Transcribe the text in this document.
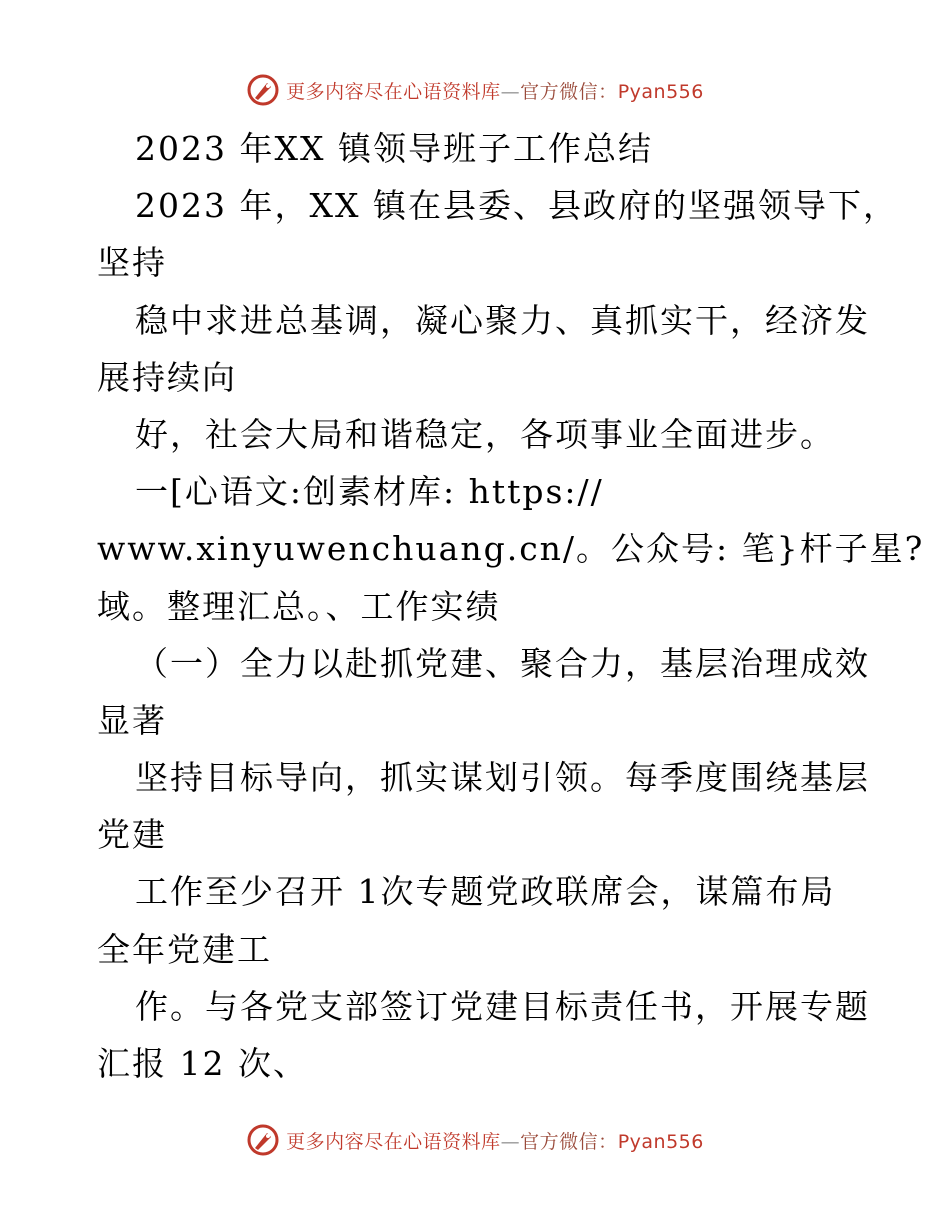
更多内容尽在心语资料库—官方微信：Pyan556
2023 年XX 镇领导班子工作总结
2023 年，XX 镇在县委、县政府的坚强领导下，
坚持
稳中求进总基调，凝心聚力、真抓实干，经济发
展持续向
好，社会大局和谐稳定，各项事业全面进步。
一[心语文:创素材库: https://
www.xinyuwenchuang.cn/。公众号: 笔}杆子星?
域。整理汇总。、工作实绩
（一）全力以赴抓党建、聚合力，基层治理成效
显著
坚持目标导向，抓实谋划引领。每季度围绕基层
党建
工作至少召开 1次专题党政联席会，谋篇布局
全年党建工
作。与各党支部签订党建目标责任书，开展专题
汇报 12 次、
更多内容尽在心语资料库—官方微信：Pyan556
